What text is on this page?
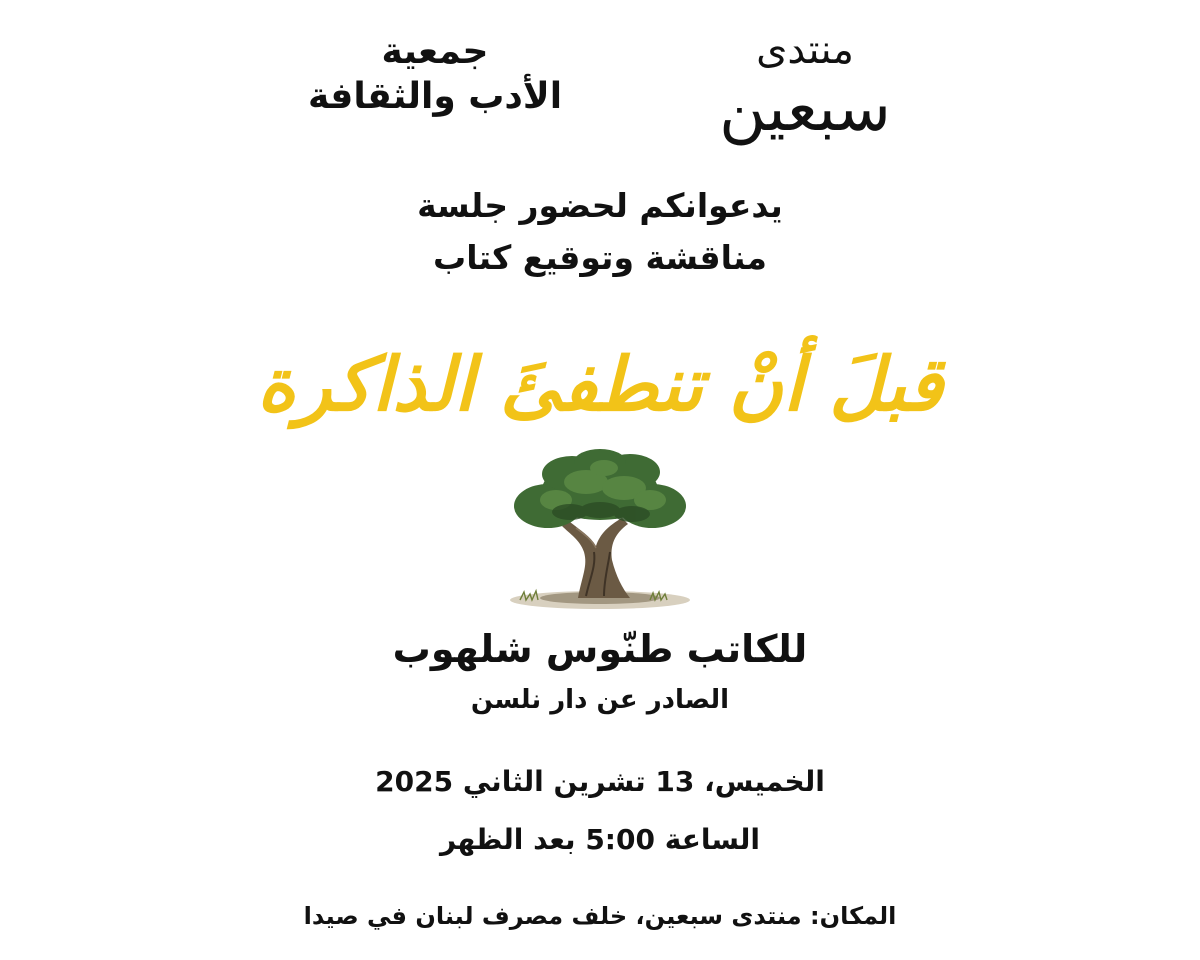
منتدى
سبعين
جمعية
الأدب والثقافة
يدعوانكم لحضور جلسة
مناقشة وتوقيع كتاب
قبلَ أنْ تنطفئَ الذاكرة
للكاتب طنّوس شلهوب
الصادر عن دار نلسن
الخميس، 13 تشرين الثاني 2025
الساعة 5:00 بعد الظهر
المكان: منتدى سبعين، خلف مصرف لبنان في صيدا
